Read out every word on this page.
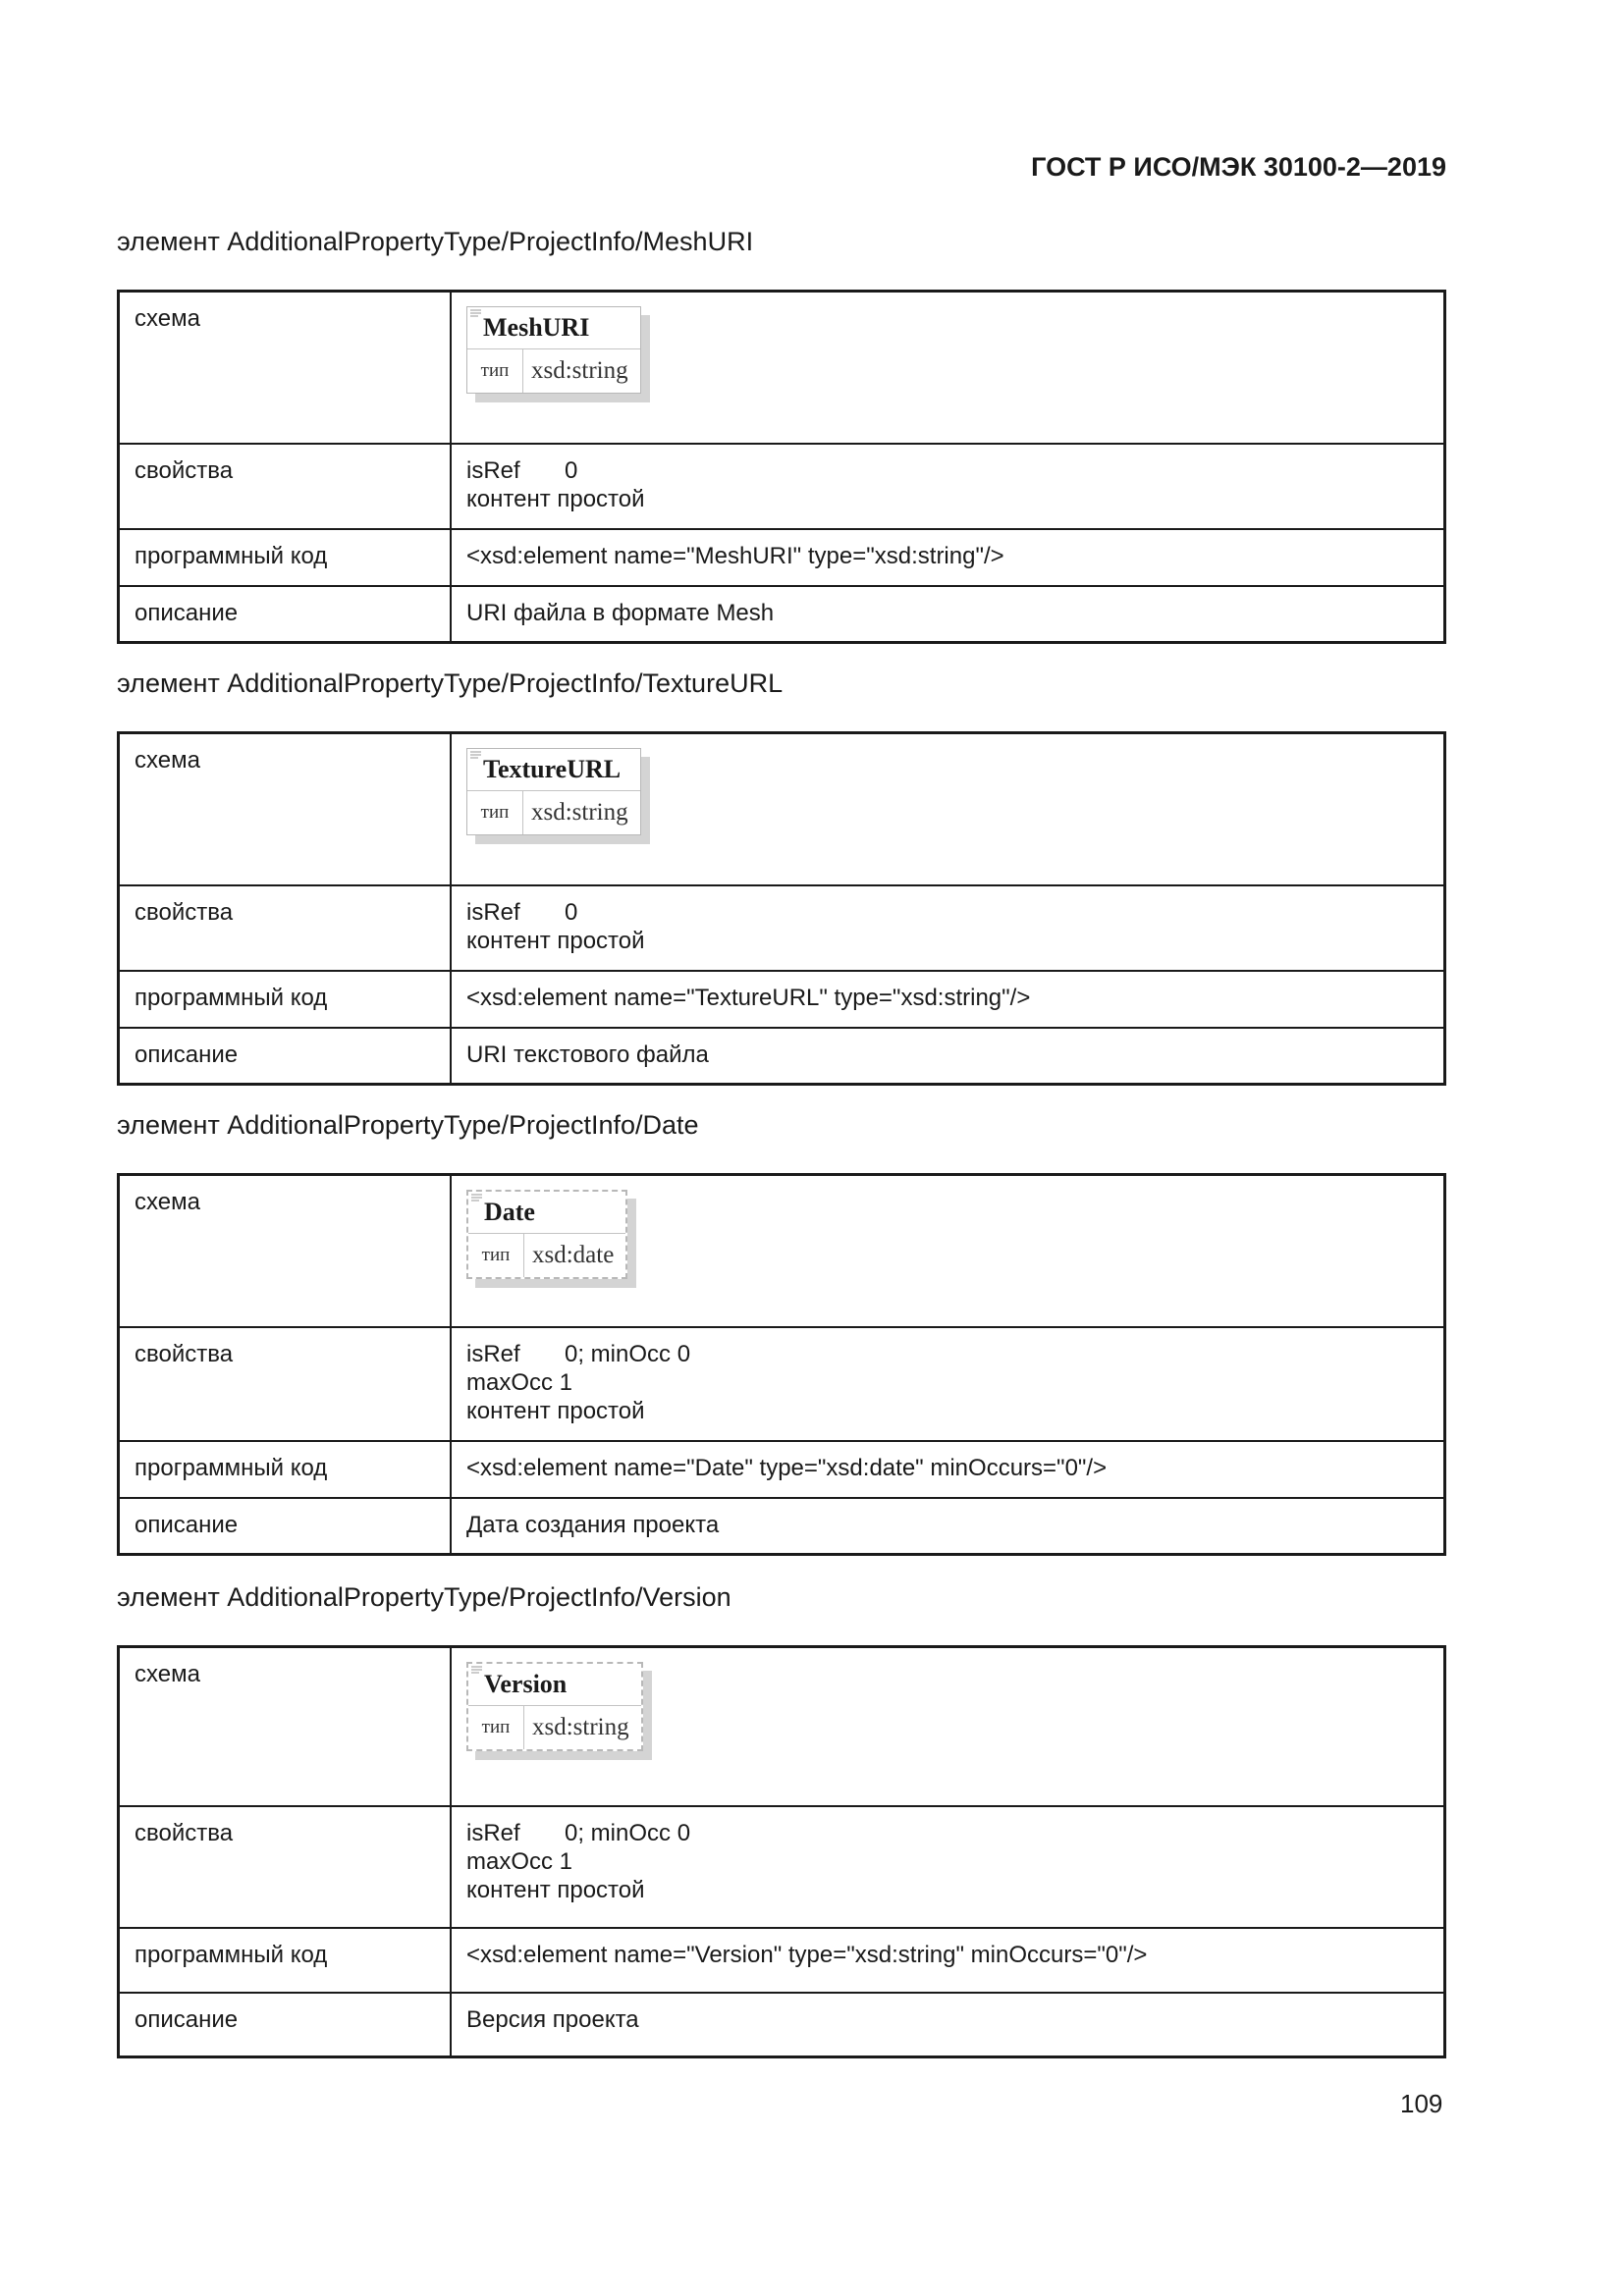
ГОСТ Р ИСО/МЭК 30100-2—2019
элемент AdditionalPropertyType/ProjectInfo/MeshURI
схема	MeshURI
тип xsd:string

свойства	isRef 0
контент простой

программный код	<xsd:element name="MeshURI" type="xsd:string"/>
описание	URI файла в формате Mesh
элемент AdditionalPropertyType/ProjectInfo/TextureURL
схема	TextureURL
тип xsd:string

свойства	isRef 0
контент простой

программный код	<xsd:element name="TextureURL" type="xsd:string"/>
описание	URI текстового файла
элемент AdditionalPropertyType/ProjectInfo/Date
схема	Date
тип xsd:date

свойства	isRef 0; minOcc 0
maxOcc 1
контент простой

программный код	<xsd:element name="Date" type="xsd:date" minOccurs="0"/>
описание	Дата создания проекта
элемент AdditionalPropertyType/ProjectInfo/Version
схема	Version
тип xsd:string

свойства	isRef 0; minOcc 0
maxOcc 1
контент простой

программный код	<xsd:element name="Version" type="xsd:string" minOccurs="0"/>
описание	Версия проекта
109
